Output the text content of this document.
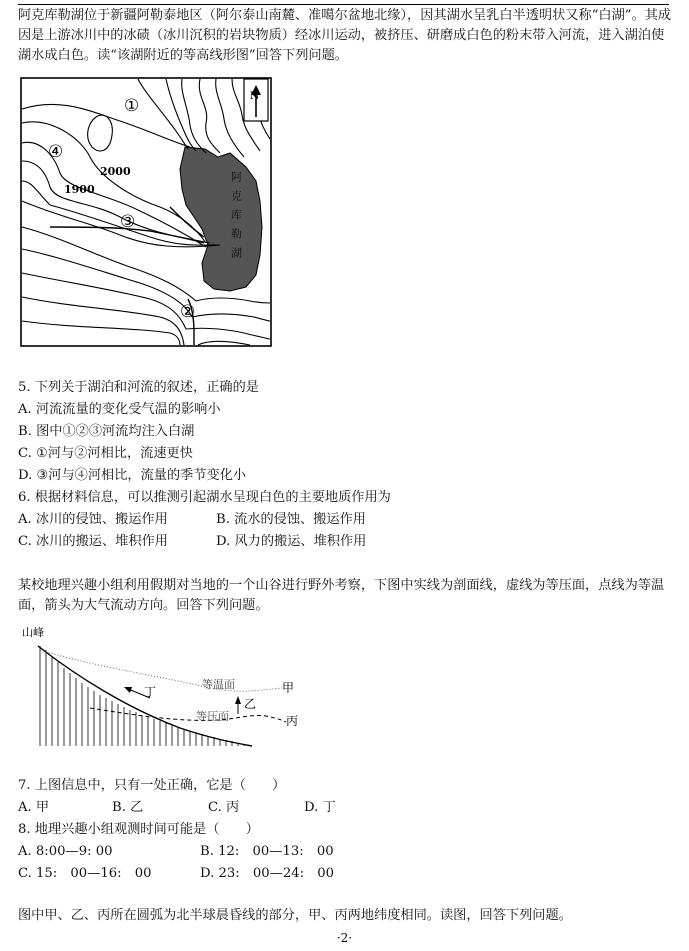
阿克库勒湖位于新疆阿勒泰地区（阿尔泰山南麓、准噶尔盆地北缘），因其湖水呈乳白半透明状又称“白湖”。其成因是上游冰川中的冰碛（冰川沉积的岩块物质）经冰川运动，被挤压、研磨成白色的粉末带入河流，进入湖泊使湖水成白色。读“该湖附近的等高线形图”回答下列问题。

N
2000
1900
①
②
③
④
阿克库勒湖
5. 下列关于湖泊和河流的叙述，正确的是
A. 河流流量的变化受气温的影响小
B. 图中①②③河流均注入白湖
C. ①河与②河相比，流速更快
D. ③河与④河相比，流量的季节变化小
6. 根据材料信息，可以推测引起湖水呈现白色的主要地质作用为
A. 冰川的侵蚀、搬运作用	B. 流水的侵蚀、搬运作用
C. 冰川的搬运、堆积作用	D. 风力的搬运、堆积作用

某校地理兴趣小组利用假期对当地的一个山谷进行野外考察，下图中实线为剖面线，虚线为等压面，点线为等温面，箭头为大气流动方向。回答下列问题。

山峰
丁
等温面	甲
乙
等压面	丙
7. 上图信息中，只有一处正确，它是（　　）
A. 甲	B. 乙	C. 丙	D. 丁
8. 地理兴趣小组观测时间可能是（　　）
A. 8:00—9: 00	B. 12:　00—13:　00
C. 15:　00—16:　00	D. 23:　00—24:　00

图中甲、乙、丙所在圆弧为北半球晨昏线的部分，甲、丙两地纬度相同。读图，回答下列问题。

·2·
